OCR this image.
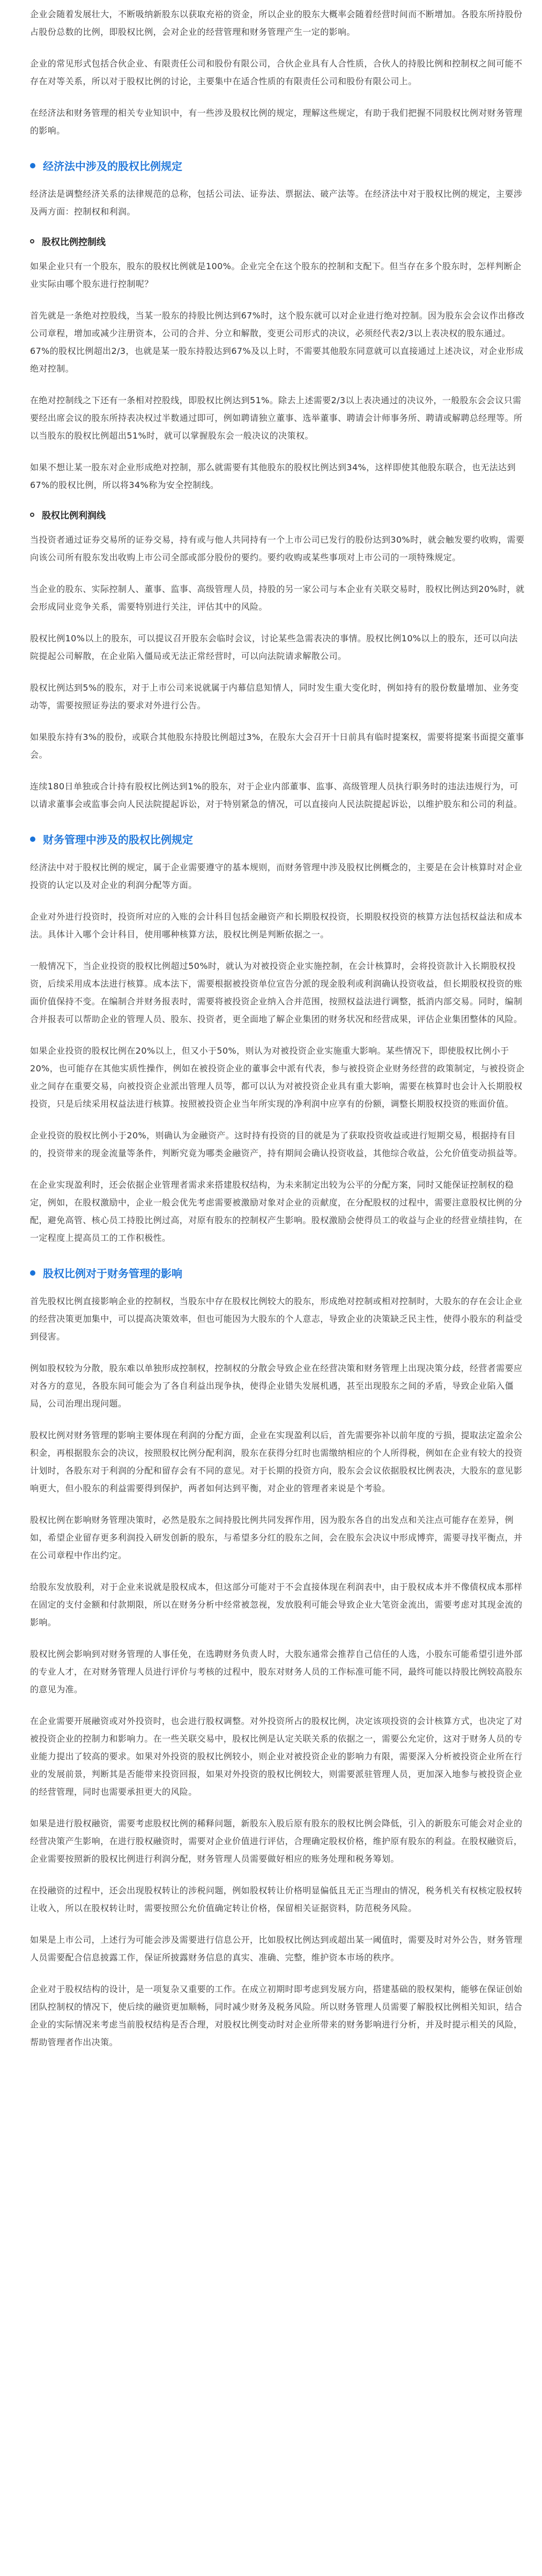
企业会随着发展壮大，不断吸纳新股东以获取充裕的资金，所以企业的股东大概率会随着经营时间而不断增加。各股东所持股份占股份总数的比例，即股权比例，会对企业的经营管理和财务管理产生一定的影响。

企业的常见形式包括合伙企业、有限责任公司和股份有限公司，合伙企业具有人合性质，合伙人的持股比例和控制权之间可能不存在对等关系，所以对于股权比例的讨论，主要集中在适合性质的有限责任公司和股份有限公司上。

在经济法和财务管理的相关专业知识中，有一些涉及股权比例的规定，理解这些规定，有助于我们把握不同股权比例对财务管理的影响。

经济法中涉及的股权比例规定

经济法是调整经济关系的法律规范的总称，包括公司法、证券法、票据法、破产法等。在经济法中对于股权比例的规定，主要涉及两方面：控制权和利润。

股权比例控制线

如果企业只有一个股东，股东的股权比例就是100%。企业完全在这个股东的控制和支配下。但当存在多个股东时，怎样判断企业实际由哪个股东进行控制呢？

首先就是一条绝对控股线，当某一股东的持股比例达到67%时，这个股东就可以对企业进行绝对控制。因为股东会会议作出修改公司章程，增加或减少注册资本，公司的合并、分立和解散，变更公司形式的决议，必须经代表2/3以上表决权的股东通过。67%的股权比例超出2/3，也就是某一股东持股达到67%及以上时，不需要其他股东同意就可以直接通过上述决议，对企业形成绝对控制。

在绝对控制线之下还有一条相对控股线，即股权比例达到51%。除去上述需要2/3以上表决通过的决议外，一般股东会会议只需要经出席会议的股东所持表决权过半数通过即可，例如聘请独立董事、选举董事、聘请会计师事务所、聘请或解聘总经理等。所以当股东的股权比例超出51%时，就可以掌握股东会一般决议的决策权。

如果不想让某一股东对企业形成绝对控制，那么就需要有其他股东的股权比例达到34%，这样即使其他股东联合，也无法达到67%的股权比例，所以将34%称为安全控制线。

股权比例利润线

当投资者通过证券交易所的证券交易，持有或与他人共同持有一个上市公司已发行的股份达到30%时，就会触发要约收购，需要向该公司所有股东发出收购上市公司全部或部分股份的要约。要约收购或某些事项对上市公司的一项特殊规定。

当企业的股东、实际控制人、董事、监事、高级管理人员，持股的另一家公司与本企业有关联交易时，股权比例达到20%时，就会形成同业竞争关系，需要特别进行关注，评估其中的风险。

股权比例10%以上的股东，可以提议召开股东会临时会议，讨论某些急需表决的事情。股权比例10%以上的股东，还可以向法院提起公司解散，在企业陷入僵局或无法正常经营时，可以向法院请求解散公司。

股权比例达到5%的股东，对于上市公司来说就属于内幕信息知情人，同时发生重大变化时，例如持有的股份数量增加、业务变动等，需要按照证券法的要求对外进行公告。

如果股东持有3%的股份，或联合其他股东持股比例超过3%，在股东大会召开十日前具有临时提案权，需要将提案书面提交董事会。

连续180日单独或合计持有股权比例达到1%的股东，对于企业内部董事、监事、高级管理人员执行职务时的违法违规行为，可以请求董事会或监事会向人民法院提起诉讼，对于特别紧急的情况，可以直接向人民法院提起诉讼，以维护股东和公司的利益。

财务管理中涉及的股权比例规定

经济法中对于股权比例的规定，属于企业需要遵守的基本规则，而财务管理中涉及股权比例概念的，主要是在会计核算时对企业投资的认定以及对企业的利润分配等方面。

企业对外进行投资时，投资所对应的入账的会计科目包括金融资产和长期股权投资，长期股权投资的核算方法包括权益法和成本法。具体计入哪个会计科目，使用哪种核算方法，股权比例是判断依据之一。

一般情况下，当企业投资的股权比例超过50%时，就认为对被投资企业实施控制，在会计核算时，会将投资款计入长期股权投资，后续采用成本法进行核算。成本法下，需要根据被投资单位宣告分派的现金股利或利润确认投资收益，但长期股权投资的账面价值保持不变。在编制合并财务报表时，需要将被投资企业纳入合并范围，按照权益法进行调整，抵消内部交易。同时，编制合并报表可以帮助企业的管理人员、股东、投资者，更全面地了解企业集团的财务状况和经营成果，评估企业集团整体的风险。

如果企业投资的股权比例在20%以上，但又小于50%，则认为对被投资企业实施重大影响。某些情况下，即使股权比例小于20%，也可能存在其他实质性操作，例如在被投资企业的董事会中派有代表，参与被投资企业财务经营的政策制定，与被投资企业之间存在重要交易，向被投资企业派出管理人员等，都可以认为对被投资企业具有重大影响，需要在核算时也会计入长期股权投资，只是后续采用权益法进行核算。按照被投资企业当年所实现的净利润中应享有的份额，调整长期股权投资的账面价值。

企业投资的股权比例小于20%，则确认为金融资产。这时持有投资的目的就是为了获取投资收益或进行短期交易，根据持有目的，投资带来的现金流量等条件，判断究竟为哪类金融资产，持有期间会确认投资收益，其他综合收益，公允价值变动损益等。

在企业实现盈利时，还会依据企业管理者需求来搭建股权结构，为未来制定出较为公平的分配方案，同时又能保证控制权的稳定，例如，在股权激励中，企业一般会优先考虑需要被激励对象对企业的贡献度，在分配股权的过程中，需要注意股权比例的分配，避免高管、核心员工持股比例过高，对原有股东的控制权产生影响。股权激励会使得员工的收益与企业的经营业绩挂钩，在一定程度上提高员工的工作积极性。

股权比例对于财务管理的影响

首先股权比例直接影响企业的控制权，当股东中存在股权比例较大的股东，形成绝对控制或相对控制时，大股东的存在会让企业的经营决策更加集中，可以提高决策效率，但也可能因为大股东的个人意志，导致企业的决策缺乏民主性，使得小股东的利益受到侵害。

例如股权较为分散，股东难以单独形成控制权，控制权的分散会导致企业在经营决策和财务管理上出现决策分歧，经营者需要应对各方的意见，各股东间可能会为了各自利益出现争执，使得企业错失发展机遇，甚至出现股东之间的矛盾，导致企业陷入僵局，公司治理出现问题。

股权比例对财务管理的影响主要体现在利润的分配方面，企业在实现盈利以后，首先需要弥补以前年度的亏损，提取法定盈余公积金，再根据股东会的决议，按照股权比例分配利润，股东在获得分红时也需缴纳相应的个人所得税，例如在企业有较大的投资计划时，各股东对于利润的分配和留存会有不同的意见。对于长期的投资方向，股东会会议依据股权比例表决，大股东的意见影响更大，但小股东的利益需要得到保护，两者如何达到平衡，对企业的管理者来说是个考验。

股权比例在影响财务管理决策时，必然是股东之间持股比例共同发挥作用，因为股东各自的出发点和关注点可能存在差异，例如，希望企业留存更多利润投入研发创新的股东，与希望多分红的股东之间，会在股东会决议中形成博弈，需要寻找平衡点，并在公司章程中作出约定。

给股东发放股利，对于企业来说就是股权成本，但这部分可能对于不会直接体现在利润表中，由于股权成本并不像债权成本那样在固定的支付金额和付款期限，所以在财务分析中经常被忽视，发放股利可能会导致企业大笔资金流出，需要考虑对其现金流的影响。

股权比例会影响到对财务管理的人事任免，在选聘财务负责人时，大股东通常会推荐自己信任的人选，小股东可能希望引进外部的专业人才，在对财务管理人员进行评价与考核的过程中，股东对财务人员的工作标准可能不同，最终可能以持股比例较高股东的意见为准。

在企业需要开展融资或对外投资时，也会进行股权调整。对外投资所占的股权比例，决定该项投资的会计核算方式，也决定了对被投资企业的控制力和影响力。在一些关联交易中，股权比例是认定关联关系的依据之一，需要公允定价，这对于财务人员的专业能力提出了较高的要求。如果对外投资的股权比例较小，则企业对被投资企业的影响力有限，需要深入分析被投资企业所在行业的发展前景，判断其是否能带来投资回报，如果对外投资的股权比例较大，则需要派驻管理人员，更加深入地参与被投资企业的经营管理，同时也需要承担更大的风险。

如果是进行股权融资，需要考虑股权比例的稀释问题，新股东入股后原有股东的股权比例会降低，引入的新股东可能会对企业的经营决策产生影响，在进行股权融资时，需要对企业价值进行评估，合理确定股权价格，维护原有股东的利益。在股权融资后，企业需要按照新的股权比例进行利润分配，财务管理人员需要做好相应的账务处理和税务筹划。

在投融资的过程中，还会出现股权转让的涉税问题，例如股权转让价格明显偏低且无正当理由的情况，税务机关有权核定股权转让收入，所以在股权转让时，需要按照公允价值确定转让价格，保留相关证据资料，防范税务风险。

如果是上市公司，上述行为可能会涉及需要进行信息公开，比如股权比例达到或超出某一阈值时，需要及时对外公告，财务管理人员需要配合信息披露工作，保证所披露财务信息的真实、准确、完整，维护资本市场的秩序。

企业对于股权结构的设计，是一项复杂又重要的工作。在成立初期时即考虑到发展方向，搭建基础的股权架构，能够在保证创始团队控制权的情况下，使后续的融资更加顺畅，同时减少财务及税务风险。所以财务管理人员需要了解股权比例相关知识，结合企业的实际情况来考虑当前股权结构是否合理，对股权比例变动时对企业所带来的财务影响进行分析，并及时提示相关的风险，帮助管理者作出决策。
